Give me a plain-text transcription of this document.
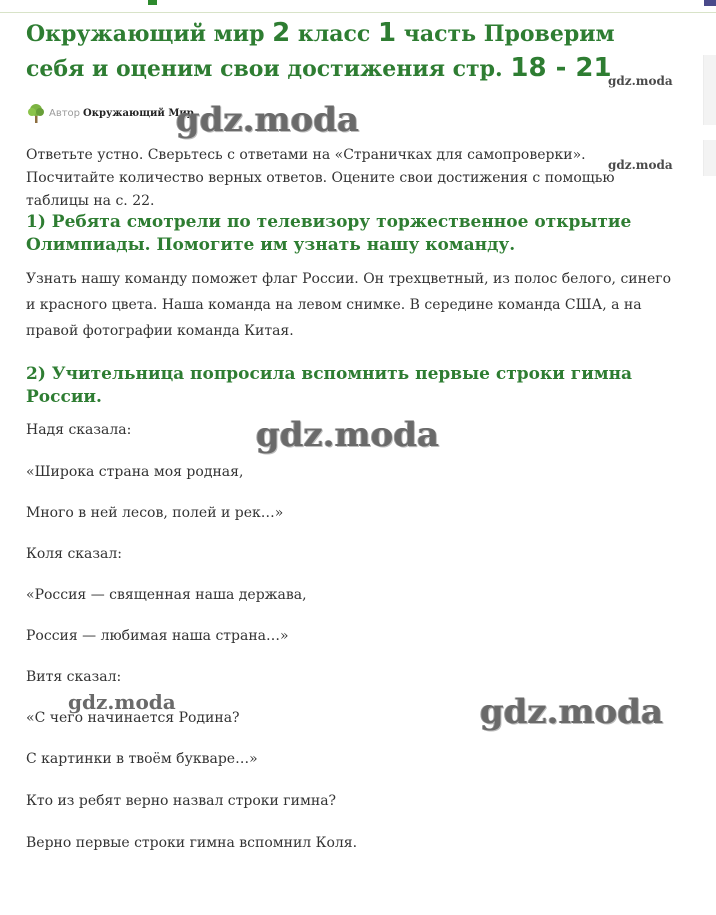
Окружающий мир 2 класс 1 часть Проверим себя и оценим свои достижения стр. 18 - 21
Автор Окружающий Мир

Ответьте устно. Сверьтесь с ответами на «Страничках для самопроверки». Посчитайте количество верных ответов. Оцените свои достижения с помощью таблицы на с. 22.

1) Ребята смотрели по телевизору торжественное открытие Олимпиады. Помогите им узнать нашу команду.

Узнать нашу команду поможет флаг России. Он трехцветный, из полос белого, синего и красного цвета. Наша команда на левом снимке. В середине команда США, а на правой фотографии команда Китая.

2) Учительница попросила вспомнить первые строки гимна России.

Надя сказала:

«Широка страна моя родная,

Много в ней лесов, полей и рек…»

Коля сказал:

«Россия — священная наша держава,

Россия — любимая наша страна…»

Витя сказал:

«С чего начинается Родина?

С картинки в твоём букваре…»

Кто из ребят верно назвал строки гимна?

Верно первые строки гимна вспомнил Коля.

gdz.moda
gdz.moda
gdz.moda
gdz.moda
gdz.moda	gdz.moda
